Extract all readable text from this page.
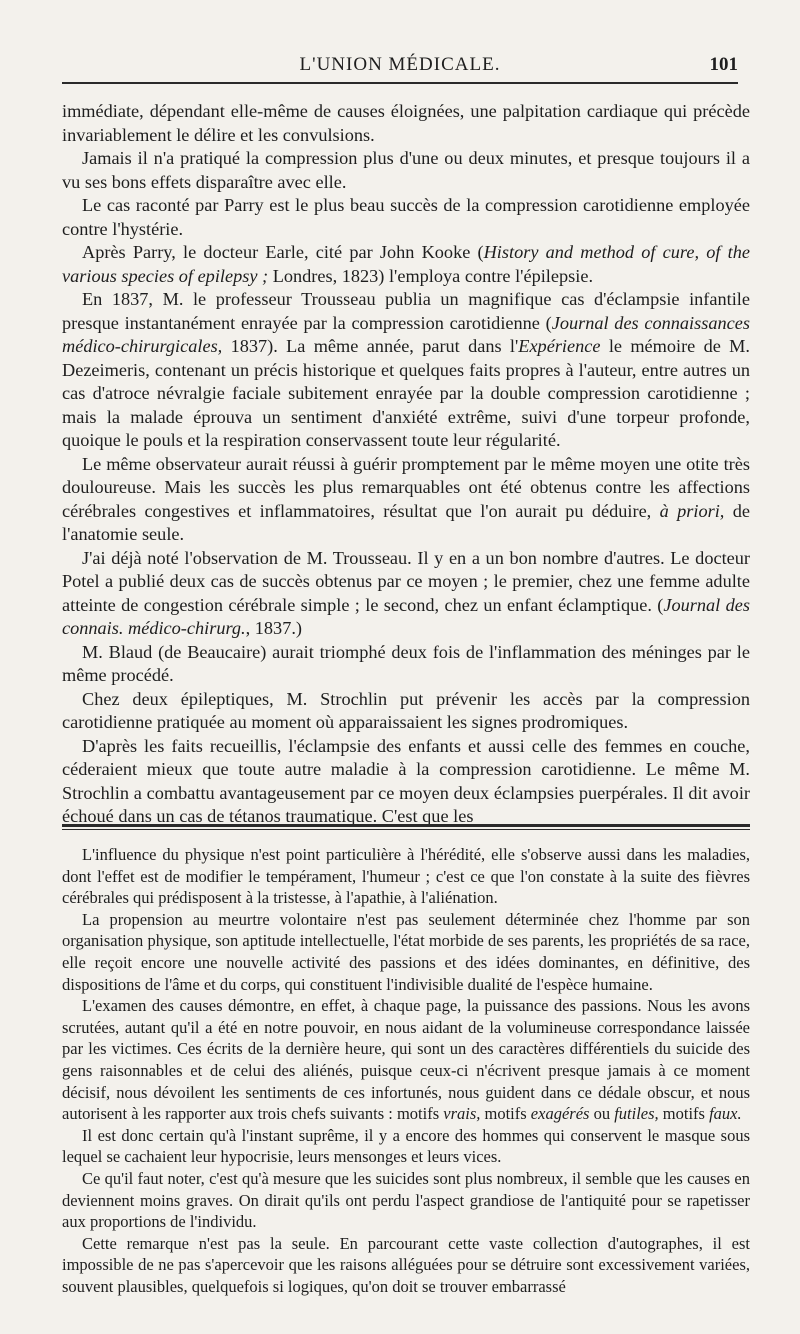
L'UNION MÉDICALE.	101

immédiate, dépendant elle-même de causes éloignées, une palpitation cardiaque qui précède invariablement le délire et les convulsions.

Jamais il n'a pratiqué la compression plus d'une ou deux minutes, et presque toujours il a vu ses bons effets disparaître avec elle.

Le cas raconté par Parry est le plus beau succès de la compression carotidienne employée contre l'hystérie.

Après Parry, le docteur Earle, cité par John Kooke (History and method of cure, of the various species of epilepsy ; Londres, 1823) l'employa contre l'épilepsie.

En 1837, M. le professeur Trousseau publia un magnifique cas d'éclampsie infantile presque instantanément enrayée par la compression carotidienne (Journal des connaissances médico-chirurgicales, 1837). La même année, parut dans l'Expérience le mémoire de M. Dezeimeris, contenant un précis historique et quelques faits propres à l'auteur, entre autres un cas d'atroce névralgie faciale subitement enrayée par la double compression carotidienne ; mais la malade éprouva un sentiment d'anxiété extrême, suivi d'une torpeur profonde, quoique le pouls et la respiration conservassent toute leur régularité.

Le même observateur aurait réussi à guérir promptement par le même moyen une otite très douloureuse. Mais les succès les plus remarquables ont été obtenus contre les affections cérébrales congestives et inflammatoires, résultat que l'on aurait pu déduire, à priori, de l'anatomie seule.

J'ai déjà noté l'observation de M. Trousseau. Il y en a un bon nombre d'autres. Le docteur Potel a publié deux cas de succès obtenus par ce moyen ; le premier, chez une femme adulte atteinte de congestion cérébrale simple ; le second, chez un enfant éclamptique. (Journal des connais. médico-chirurg., 1837.)

M. Blaud (de Beaucaire) aurait triomphé deux fois de l'inflammation des méninges par le même procédé.

Chez deux épileptiques, M. Strochlin put prévenir les accès par la compression carotidienne pratiquée au moment où apparaissaient les signes prodromiques.

D'après les faits recueillis, l'éclampsie des enfants et aussi celle des femmes en couche, céderaient mieux que toute autre maladie à la compression carotidienne. Le même M. Strochlin a combattu avantageusement par ce moyen deux éclampsies puerpérales. Il dit avoir échoué dans un cas de tétanos traumatique. C'est que les

L'influence du physique n'est point particulière à l'hérédité, elle s'observe aussi dans les maladies, dont l'effet est de modifier le tempérament, l'humeur ; c'est ce que l'on constate à la suite des fièvres cérébrales qui prédisposent à la tristesse, à l'apathie, à l'aliénation.

La propension au meurtre volontaire n'est pas seulement déterminée chez l'homme par son organisation physique, son aptitude intellectuelle, l'état morbide de ses parents, les propriétés de sa race, elle reçoit encore une nouvelle activité des passions et des idées dominantes, en définitive, des dispositions de l'âme et du corps, qui constituent l'indivisible dualité de l'espèce humaine.

L'examen des causes démontre, en effet, à chaque page, la puissance des passions. Nous les avons scrutées, autant qu'il a été en notre pouvoir, en nous aidant de la volumineuse correspondance laissée par les victimes. Ces écrits de la dernière heure, qui sont un des caractères différentiels du suicide des gens raisonnables et de celui des aliénés, puisque ceux-ci n'écrivent presque jamais à ce moment décisif, nous dévoilent les sentiments de ces infortunés, nous guident dans ce dédale obscur, et nous autorisent à les rapporter aux trois chefs suivants : motifs vrais, motifs exagérés ou futiles, motifs faux.

Il est donc certain qu'à l'instant suprême, il y a encore des hommes qui conservent le masque sous lequel se cachaient leur hypocrisie, leurs mensonges et leurs vices.

Ce qu'il faut noter, c'est qu'à mesure que les suicides sont plus nombreux, il semble que les causes en deviennent moins graves. On dirait qu'ils ont perdu l'aspect grandiose de l'antiquité pour se rapetisser aux proportions de l'individu.

Cette remarque n'est pas la seule. En parcourant cette vaste collection d'autographes, il est impossible de ne pas s'apercevoir que les raisons alléguées pour se détruire sont excessivement variées, souvent plausibles, quelquefois si logiques, qu'on doit se trouver embarrassé
